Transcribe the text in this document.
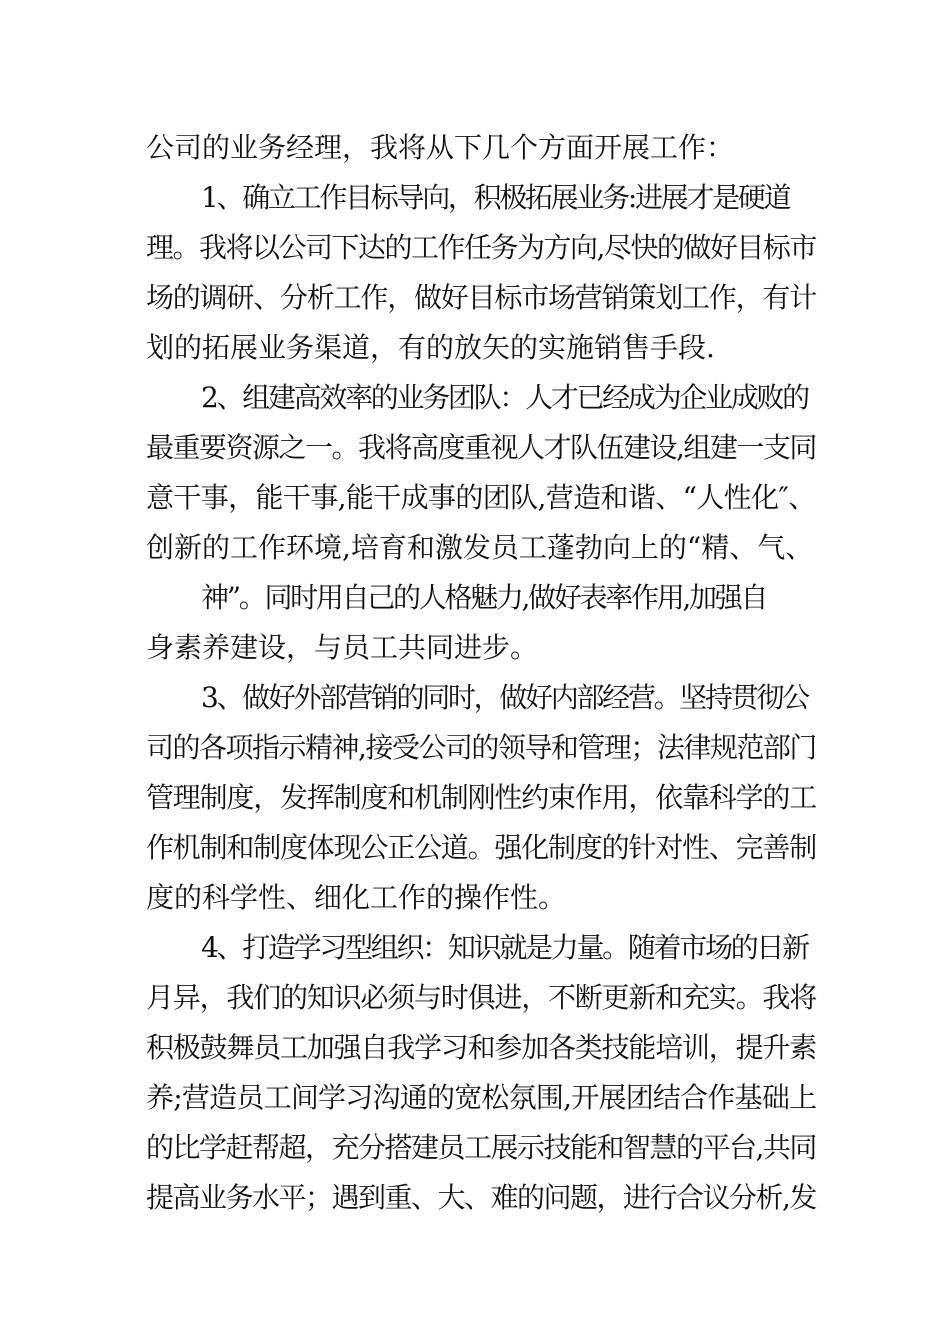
公司的业务经理，我将从下几个方面开展工作：

1、确立工作目标导向，积极拓展业务:进展才是硬道

理。我将以公司下达的工作任务为方向,尽快的做好目标市

场的调研、分析工作，做好目标市场营销策划工作，有计

划的拓展业务渠道，有的放矢的实施销售手段.

2、组建高效率的业务团队：人才已经成为企业成败的

最重要资源之一。我将高度重视人才队伍建设,组建一支同

意干事，能干事,能干成事的团队,营造和谐、“人性化″、

创新的工作环境,培育和激发员工蓬勃向上的“精、气、

神”。同时用自己的人格魅力,做好表率作用,加强自

身素养建设，与员工共同进步。

3、做好外部营销的同时，做好内部经营。坚持贯彻公

司的各项指示精神,接受公司的领导和管理；法律规范部门

管理制度，发挥制度和机制刚性约束作用，依靠科学的工

作机制和制度体现公正公道。强化制度的针对性、完善制

度的科学性、细化工作的操作性。

4、打造学习型组织：知识就是力量。随着市场的日新

月异，我们的知识必须与时俱进，不断更新和充实。我将

积极鼓舞员工加强自我学习和参加各类技能培训，提升素

养;营造员工间学习沟通的宽松氛围,开展团结合作基础上

的比学赶帮超，充分搭建员工展示技能和智慧的平台,共同

提高业务水平；遇到重、大、难的问题，进行合议分析,发
